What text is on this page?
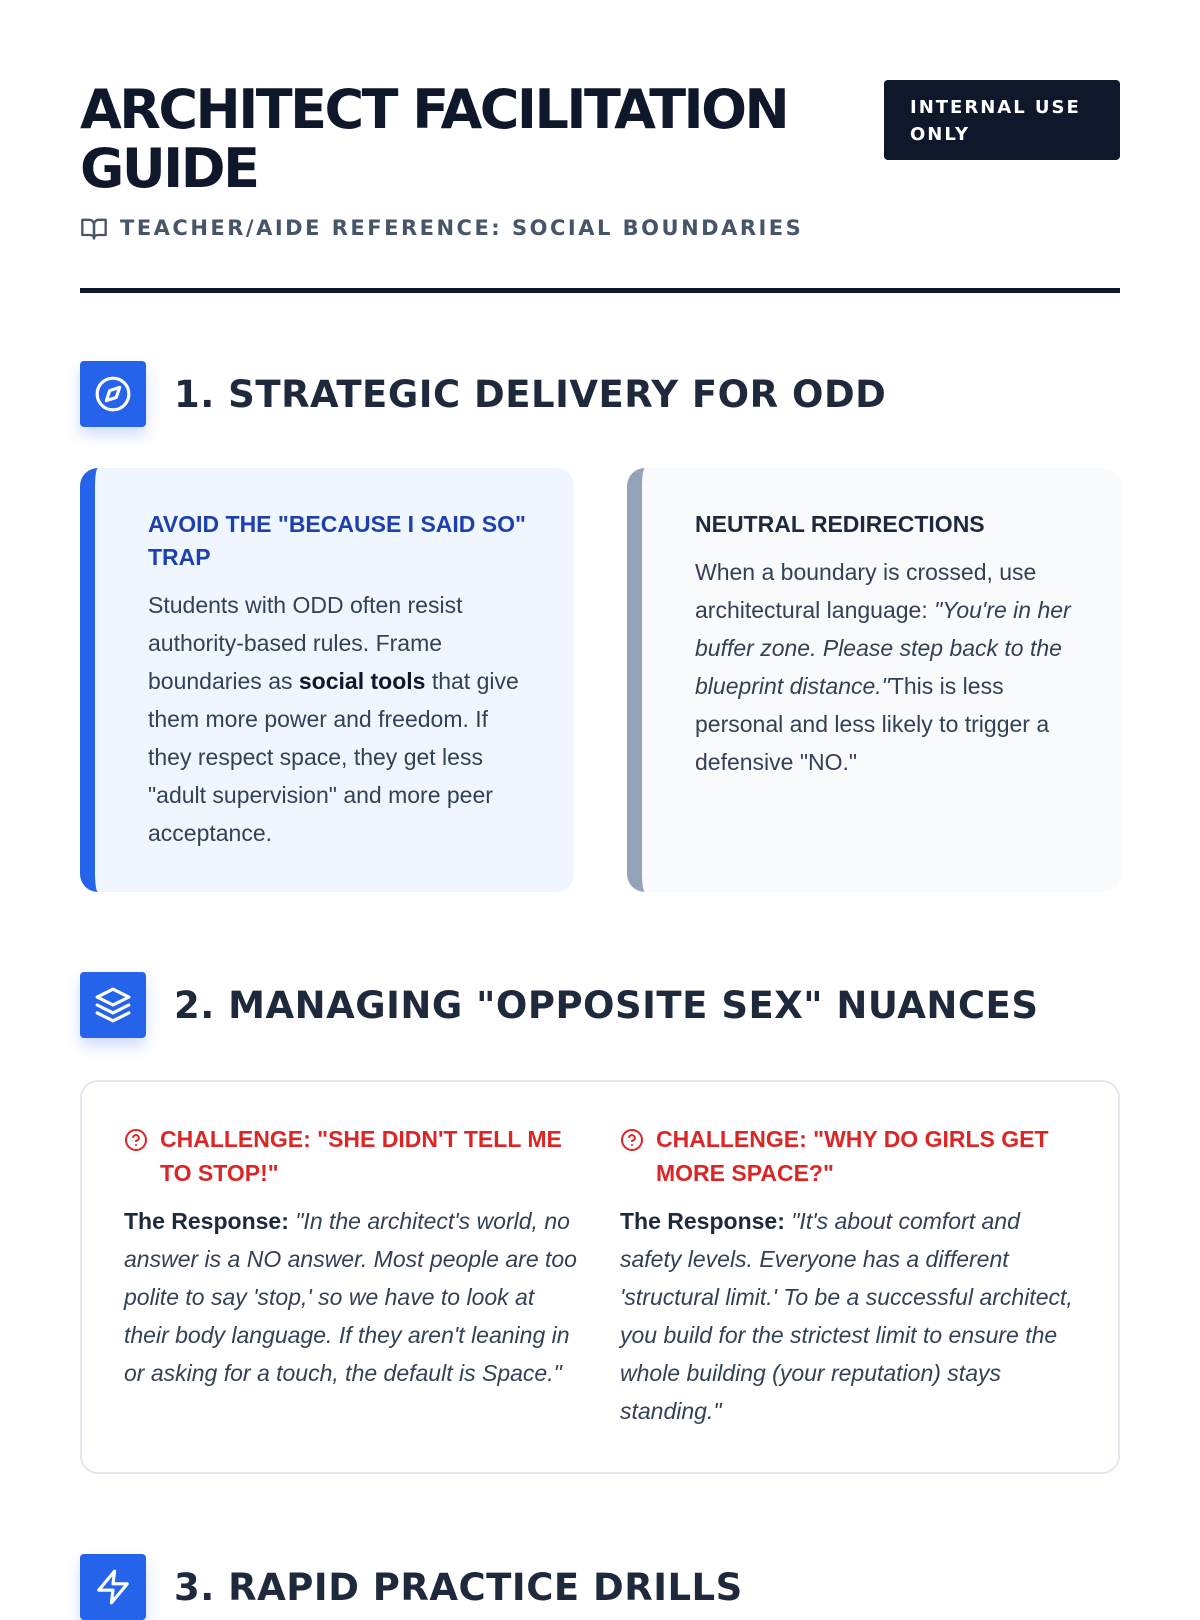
ARCHITECT FACILITATION GUIDE
INTERNAL USE ONLY
TEACHER/AIDE REFERENCE: SOCIAL BOUNDARIES
1. STRATEGIC DELIVERY FOR ODD
AVOID THE "BECAUSE I SAID SO" TRAP

Students with ODD often resist authority-based rules. Frame boundaries as social tools that give them more power and freedom. If they respect space, they get less "adult supervision" and more peer acceptance.

NEUTRAL REDIRECTIONS

When a boundary is crossed, use architectural language: "You're in her buffer zone. Please step back to the blueprint distance."This is less personal and less likely to trigger a defensive "NO."

2. MANAGING "OPPOSITE SEX" NUANCES
CHALLENGE: "SHE DIDN'T TELL ME TO STOP!"

The Response: "In the architect's world, no answer is a NO answer. Most people are too polite to say 'stop,' so we have to look at their body language. If they aren't leaning in or asking for a touch, the default is Space."

CHALLENGE: "WHY DO GIRLS GET MORE SPACE?"

The Response: "It's about comfort and safety levels. Everyone has a different 'structural limit.' To be a successful architect, you build for the strictest limit to ensure the whole building (your reputation) stays standing."

3. RAPID PRACTICE DRILLS
